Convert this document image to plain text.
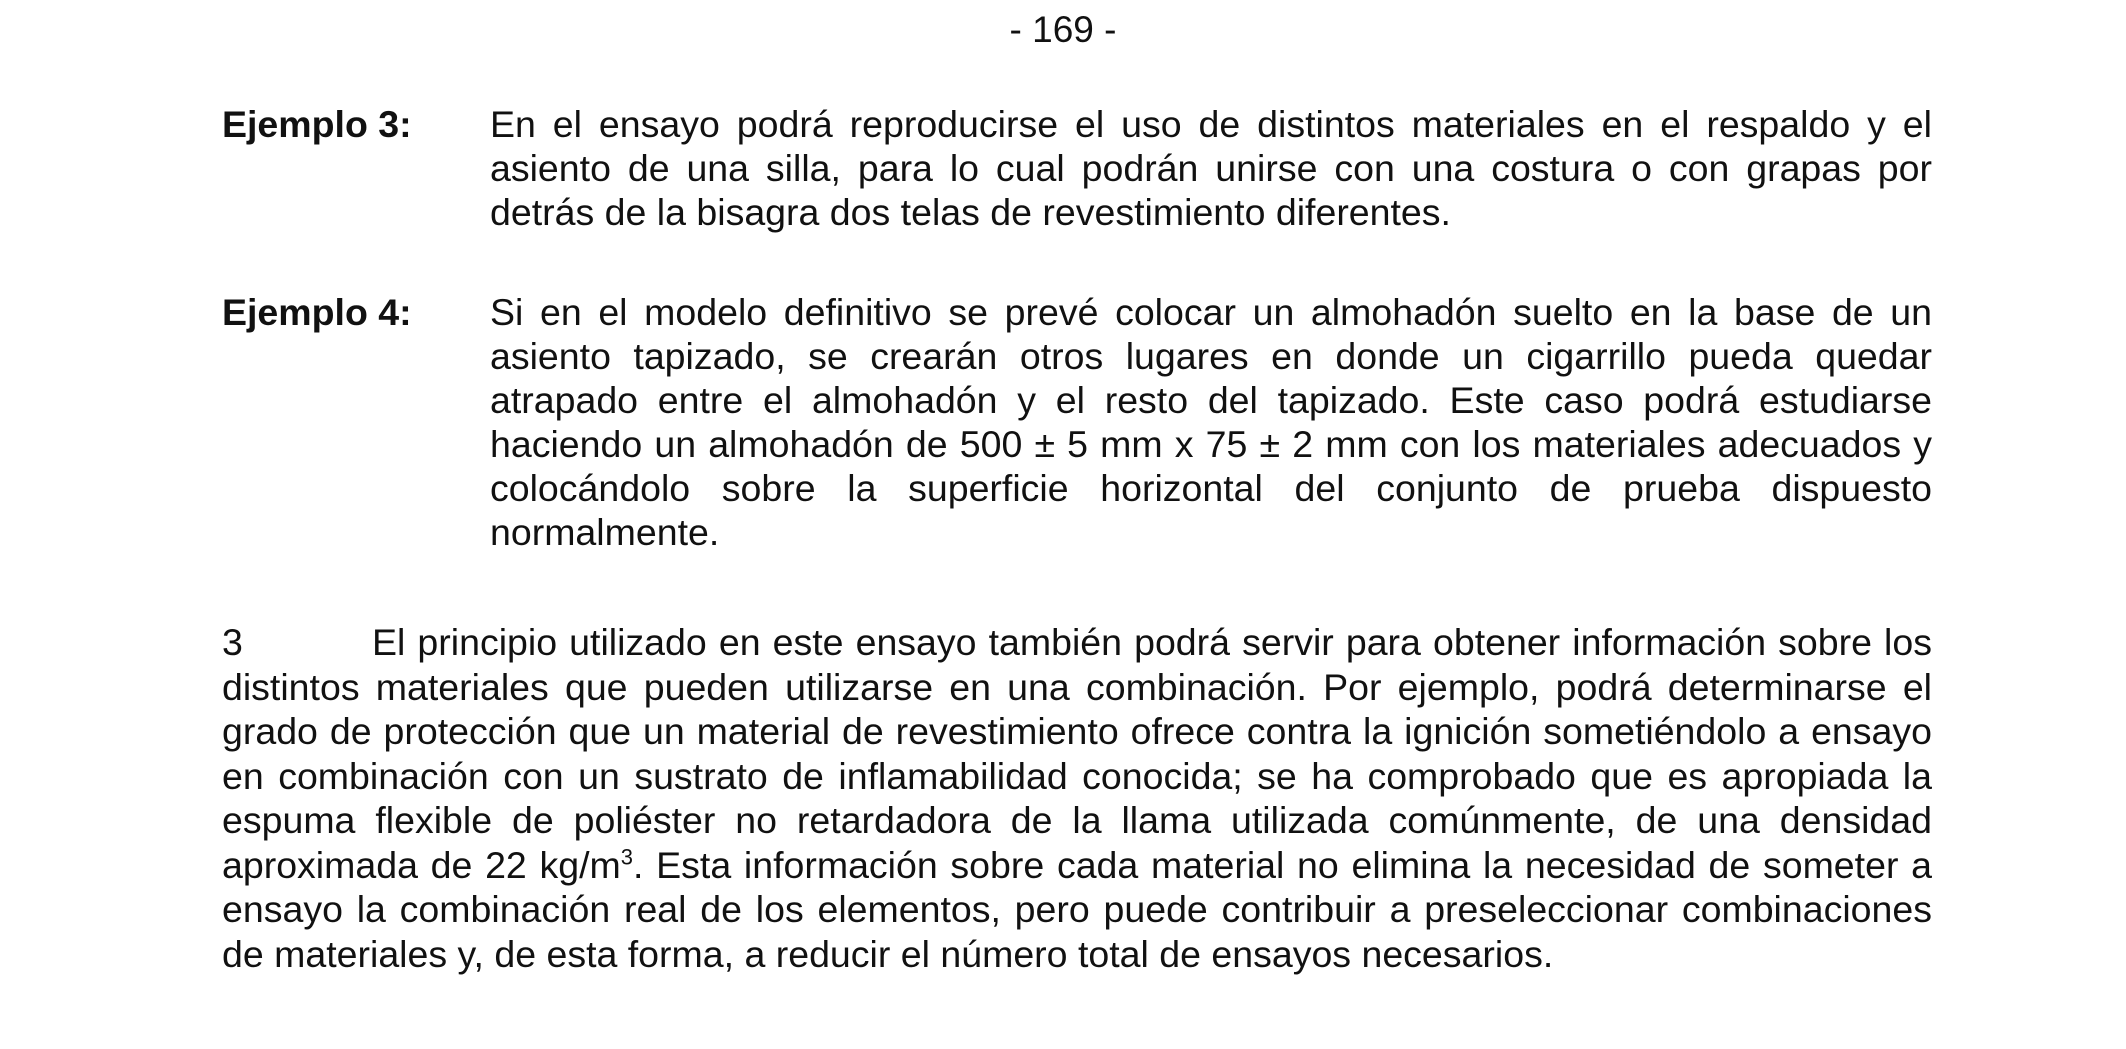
- 169 -
Ejemplo 3:	En el ensayo podrá reproducirse el uso de distintos materiales en el respaldo y el asiento de una silla, para lo cual podrán unirse con una costura o con grapas por detrás de la bisagra dos telas de revestimiento diferentes.
Ejemplo 4:	Si en el modelo definitivo se prevé colocar un almohadón suelto en la base de un asiento tapizado, se crearán otros lugares en donde un cigarrillo pueda quedar atrapado entre el almohadón y el resto del tapizado. Este caso podrá estudiarse haciendo un almohadón de 500 ± 5 mm x 75 ± 2 mm con los materiales adecuados y colocándolo sobre la superficie horizontal del conjunto de prueba dispuesto normalmente.
3	El principio utilizado en este ensayo también podrá servir para obtener información sobre los distintos materiales que pueden utilizarse en una combinación. Por ejemplo, podrá determinarse el grado de protección que un material de revestimiento ofrece contra la ignición sometiéndolo a ensayo en combinación con un sustrato de inflamabilidad conocida; se ha comprobado que es apropiada la espuma flexible de poliéster no retardadora de la llama utilizada comúnmente, de una densidad aproximada de 22 $kg/m^3$. Esta información sobre cada material no elimina la necesidad de someter a ensayo la combinación real de los elementos, pero puede contribuir a preseleccionar combinaciones de materiales y, de esta forma, a reducir el número total de ensayos necesarios.
